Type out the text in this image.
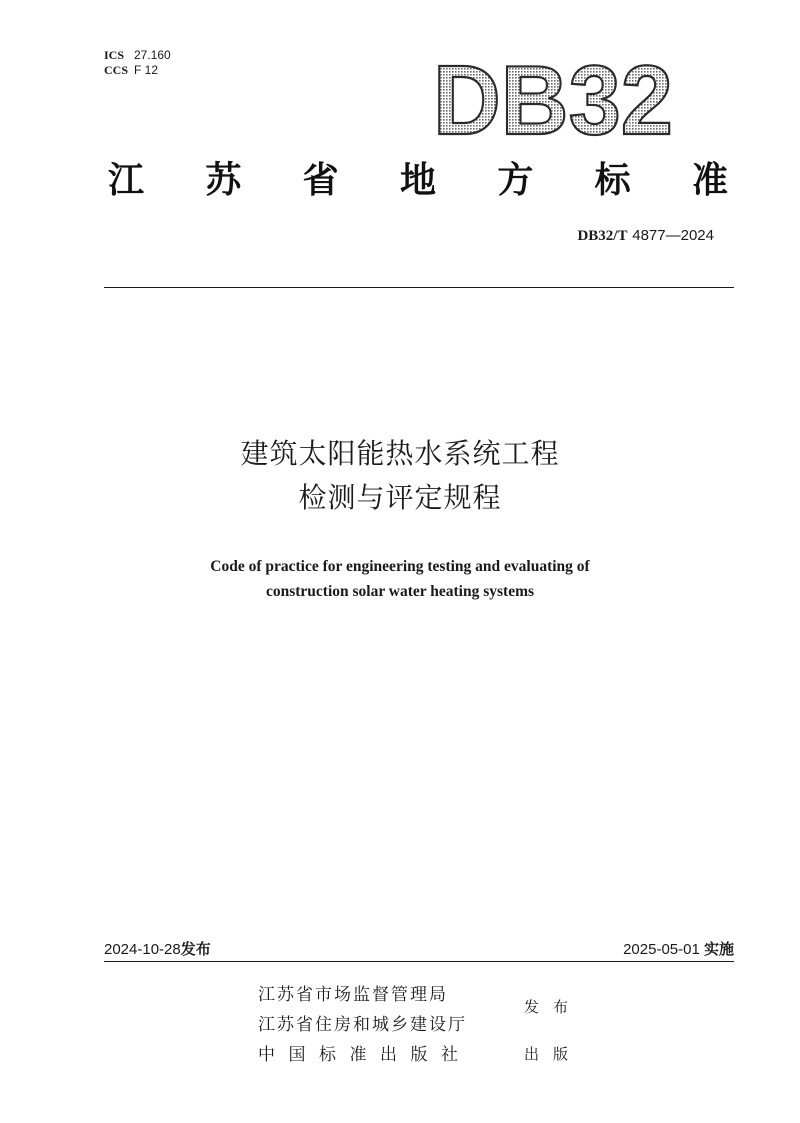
ICS 27.160
CCS F 12	DB32
江 苏 省 地 方 标 准
DB32/T 4877—2024
建筑太阳能热水系统工程
检测与评定规程
Code of practice for engineering testing and evaluating of
construction solar water heating systems
2024-10-28发布	2025-05-01 实施
江苏省市场监督管理局
江苏省住房和城乡建设厅
中国标准出版社
发布
出版
